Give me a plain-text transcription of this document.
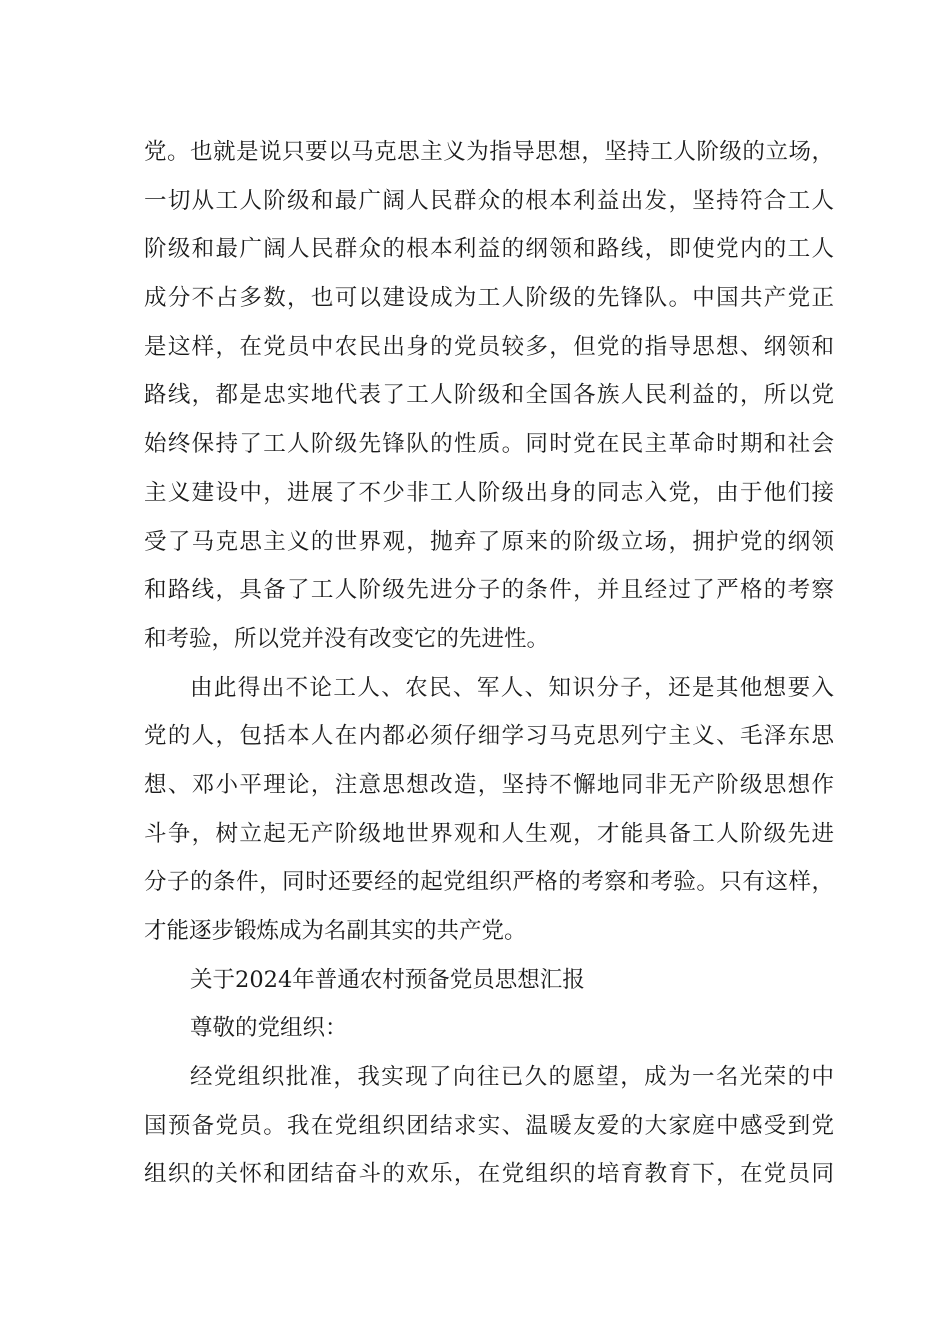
党。也就是说只要以马克思主义为指导思想，坚持工人阶级的立场，
一切从工人阶级和最广阔人民群众的根本利益出发，坚持符合工人
阶级和最广阔人民群众的根本利益的纲领和路线，即使党内的工人
成分不占多数，也可以建设成为工人阶级的先锋队。中国共产党正
是这样，在党员中农民出身的党员较多，但党的指导思想、纲领和
路线，都是忠实地代表了工人阶级和全国各族人民利益的，所以党
始终保持了工人阶级先锋队的性质。同时党在民主革命时期和社会
主义建设中，进展了不少非工人阶级出身的同志入党，由于他们接
受了马克思主义的世界观，抛弃了原来的阶级立场，拥护党的纲领
和路线，具备了工人阶级先进分子的条件，并且经过了严格的考察
和考验，所以党并没有改变它的先进性。
由此得出不论工人、农民、军人、知识分子，还是其他想要入
党的人，包括本人在内都必须仔细学习马克思列宁主义、毛泽东思
想、邓小平理论，注意思想改造，坚持不懈地同非无产阶级思想作
斗争，树立起无产阶级地世界观和人生观，才能具备工人阶级先进
分子的条件，同时还要经的起党组织严格的考察和考验。只有这样，
才能逐步锻炼成为名副其实的共产党。
关于2024年普通农村预备党员思想汇报
尊敬的党组织：
经党组织批准，我实现了向往已久的愿望，成为一名光荣的中
国预备党员。我在党组织团结求实、温暖友爱的大家庭中感受到党
组织的关怀和团结奋斗的欢乐，在党组织的培育教育下，在党员同
